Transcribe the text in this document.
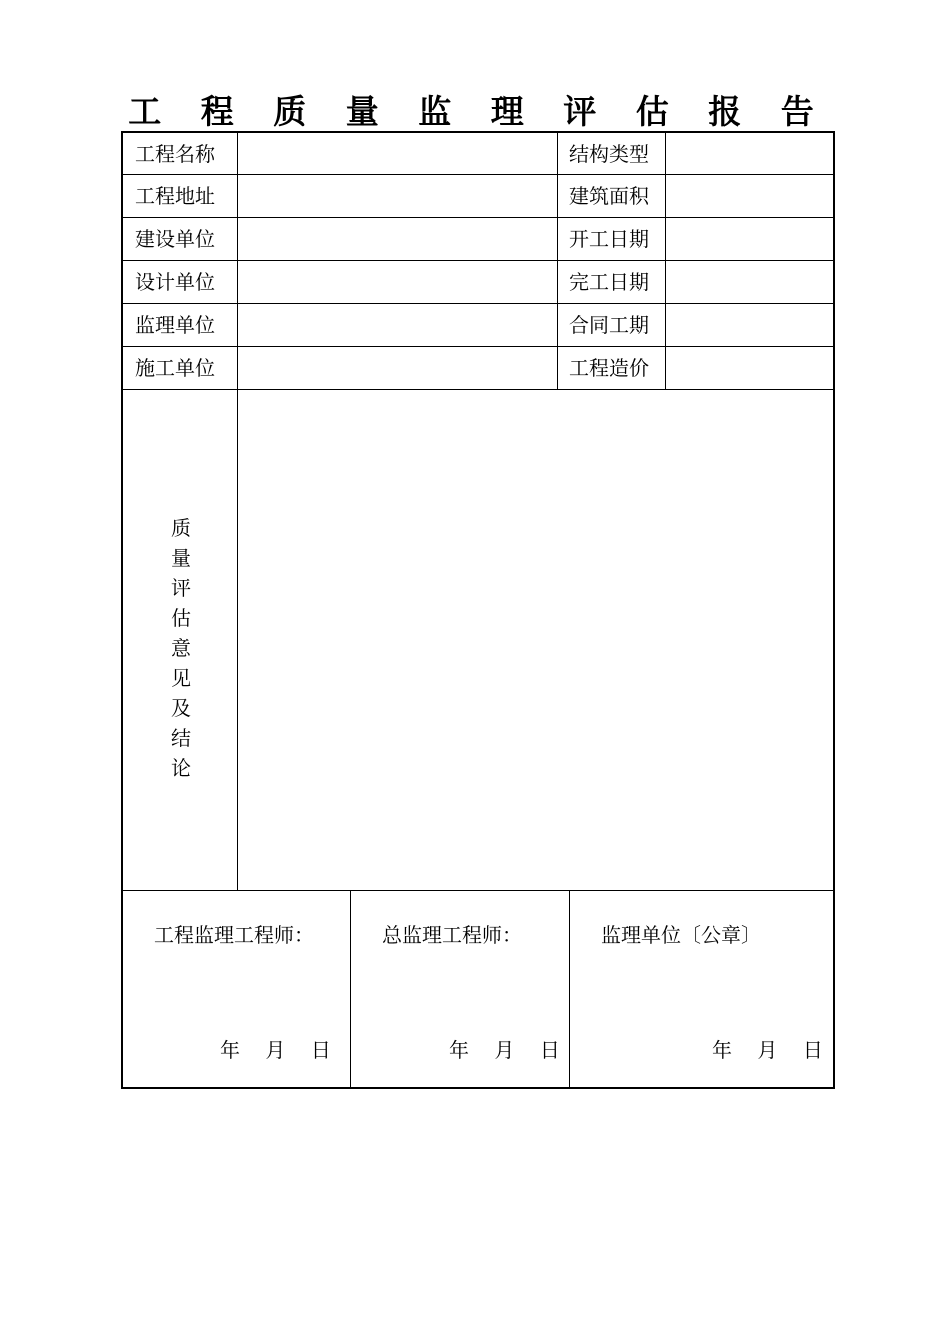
工 程 质 量 监 理 评 估 报 告
工程名称	结构类型
工程地址	建筑面积
建设单位	开工日期
设计单位	完工日期
监理单位	合同工期
施工单位	工程造价
质量评估意见及结论
工程监理工程师：	总监理工程师：	监理单位〔公章〕
年    月    日	年    月    日	年    月    日
